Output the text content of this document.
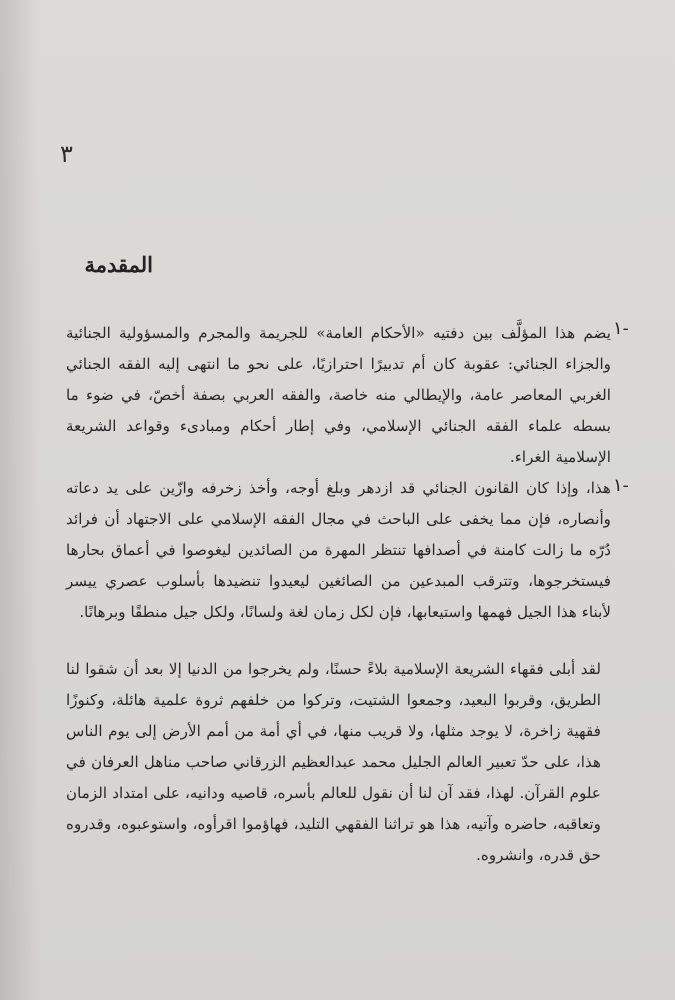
٣
المقدمة
١-
يضم هذا المؤلَّف بين دفتيه «الأحكام العامة» للجريمة والمجرم والمسؤولية الجنائية والجزاء الجنائي: عقوبة كان أم تدبيرًا احترازيًا، على نحو ما انتهى إليه الفقه الجنائي الغربي المعاصر عامة، والإيطالي منه خاصة، والفقه العربي بصفة أخصّ، في ضوء ما بسطه علماء الفقه الجنائي الإسلامي، وفي إطار أحكام ومبادىء وقواعد الشريعة الإسلامية الغراء.
١-
هذا، وإذا كان القانون الجنائي قد ازدهر وبلغ أوجه، وأخذ زخرفه وازّين على يد دعاته وأنصاره، فإن مما يخفى على الباحث في مجال الفقه الإسلامي على الاجتهاد أن فرائد دُرّه ما زالت كامنة في أصدافها تنتظر المهرة من الصائدين ليغوصوا في أعماق بحارها فيستخرجوها، وتترقب المبدعين من الصائغين ليعيدوا تنضيدها بأسلوب عصري ييسر لأبناء هذا الجيل فهمها واستيعابها، فإن لكل زمان لغة ولسانًا، ولكل جيل منطقًا وبرهانًا.
لقد أبلى فقهاء الشريعة الإسلامية بلاءً حسنًا، ولم يخرجوا من الدنيا إلا بعد أن شقوا لنا الطريق، وقربوا البعيد، وجمعوا الشتيت، وتركوا من خلفهم ثروة علمية هائلة، وكنوزًا فقهية زاخرة، لا يوجد مثلها، ولا قريب منها، في أي أمة من أمم الأرض إلى يوم الناس هذا، على حدّ تعبير العالم الجليل محمد عبدالعظيم الزرقاني صاحب مناهل العرفان في علوم القرآن. لهذا، فقد آن لنا أن نقول للعالم بأسره، قاصيه ودانيه، على امتداد الزمان وتعاقبه، حاضره وآتيه، هذا هو تراثنا الفقهي التليد، فهاؤموا اقرأوه، واستوعبوه، وقدروه حق قدره، وانشروه.
